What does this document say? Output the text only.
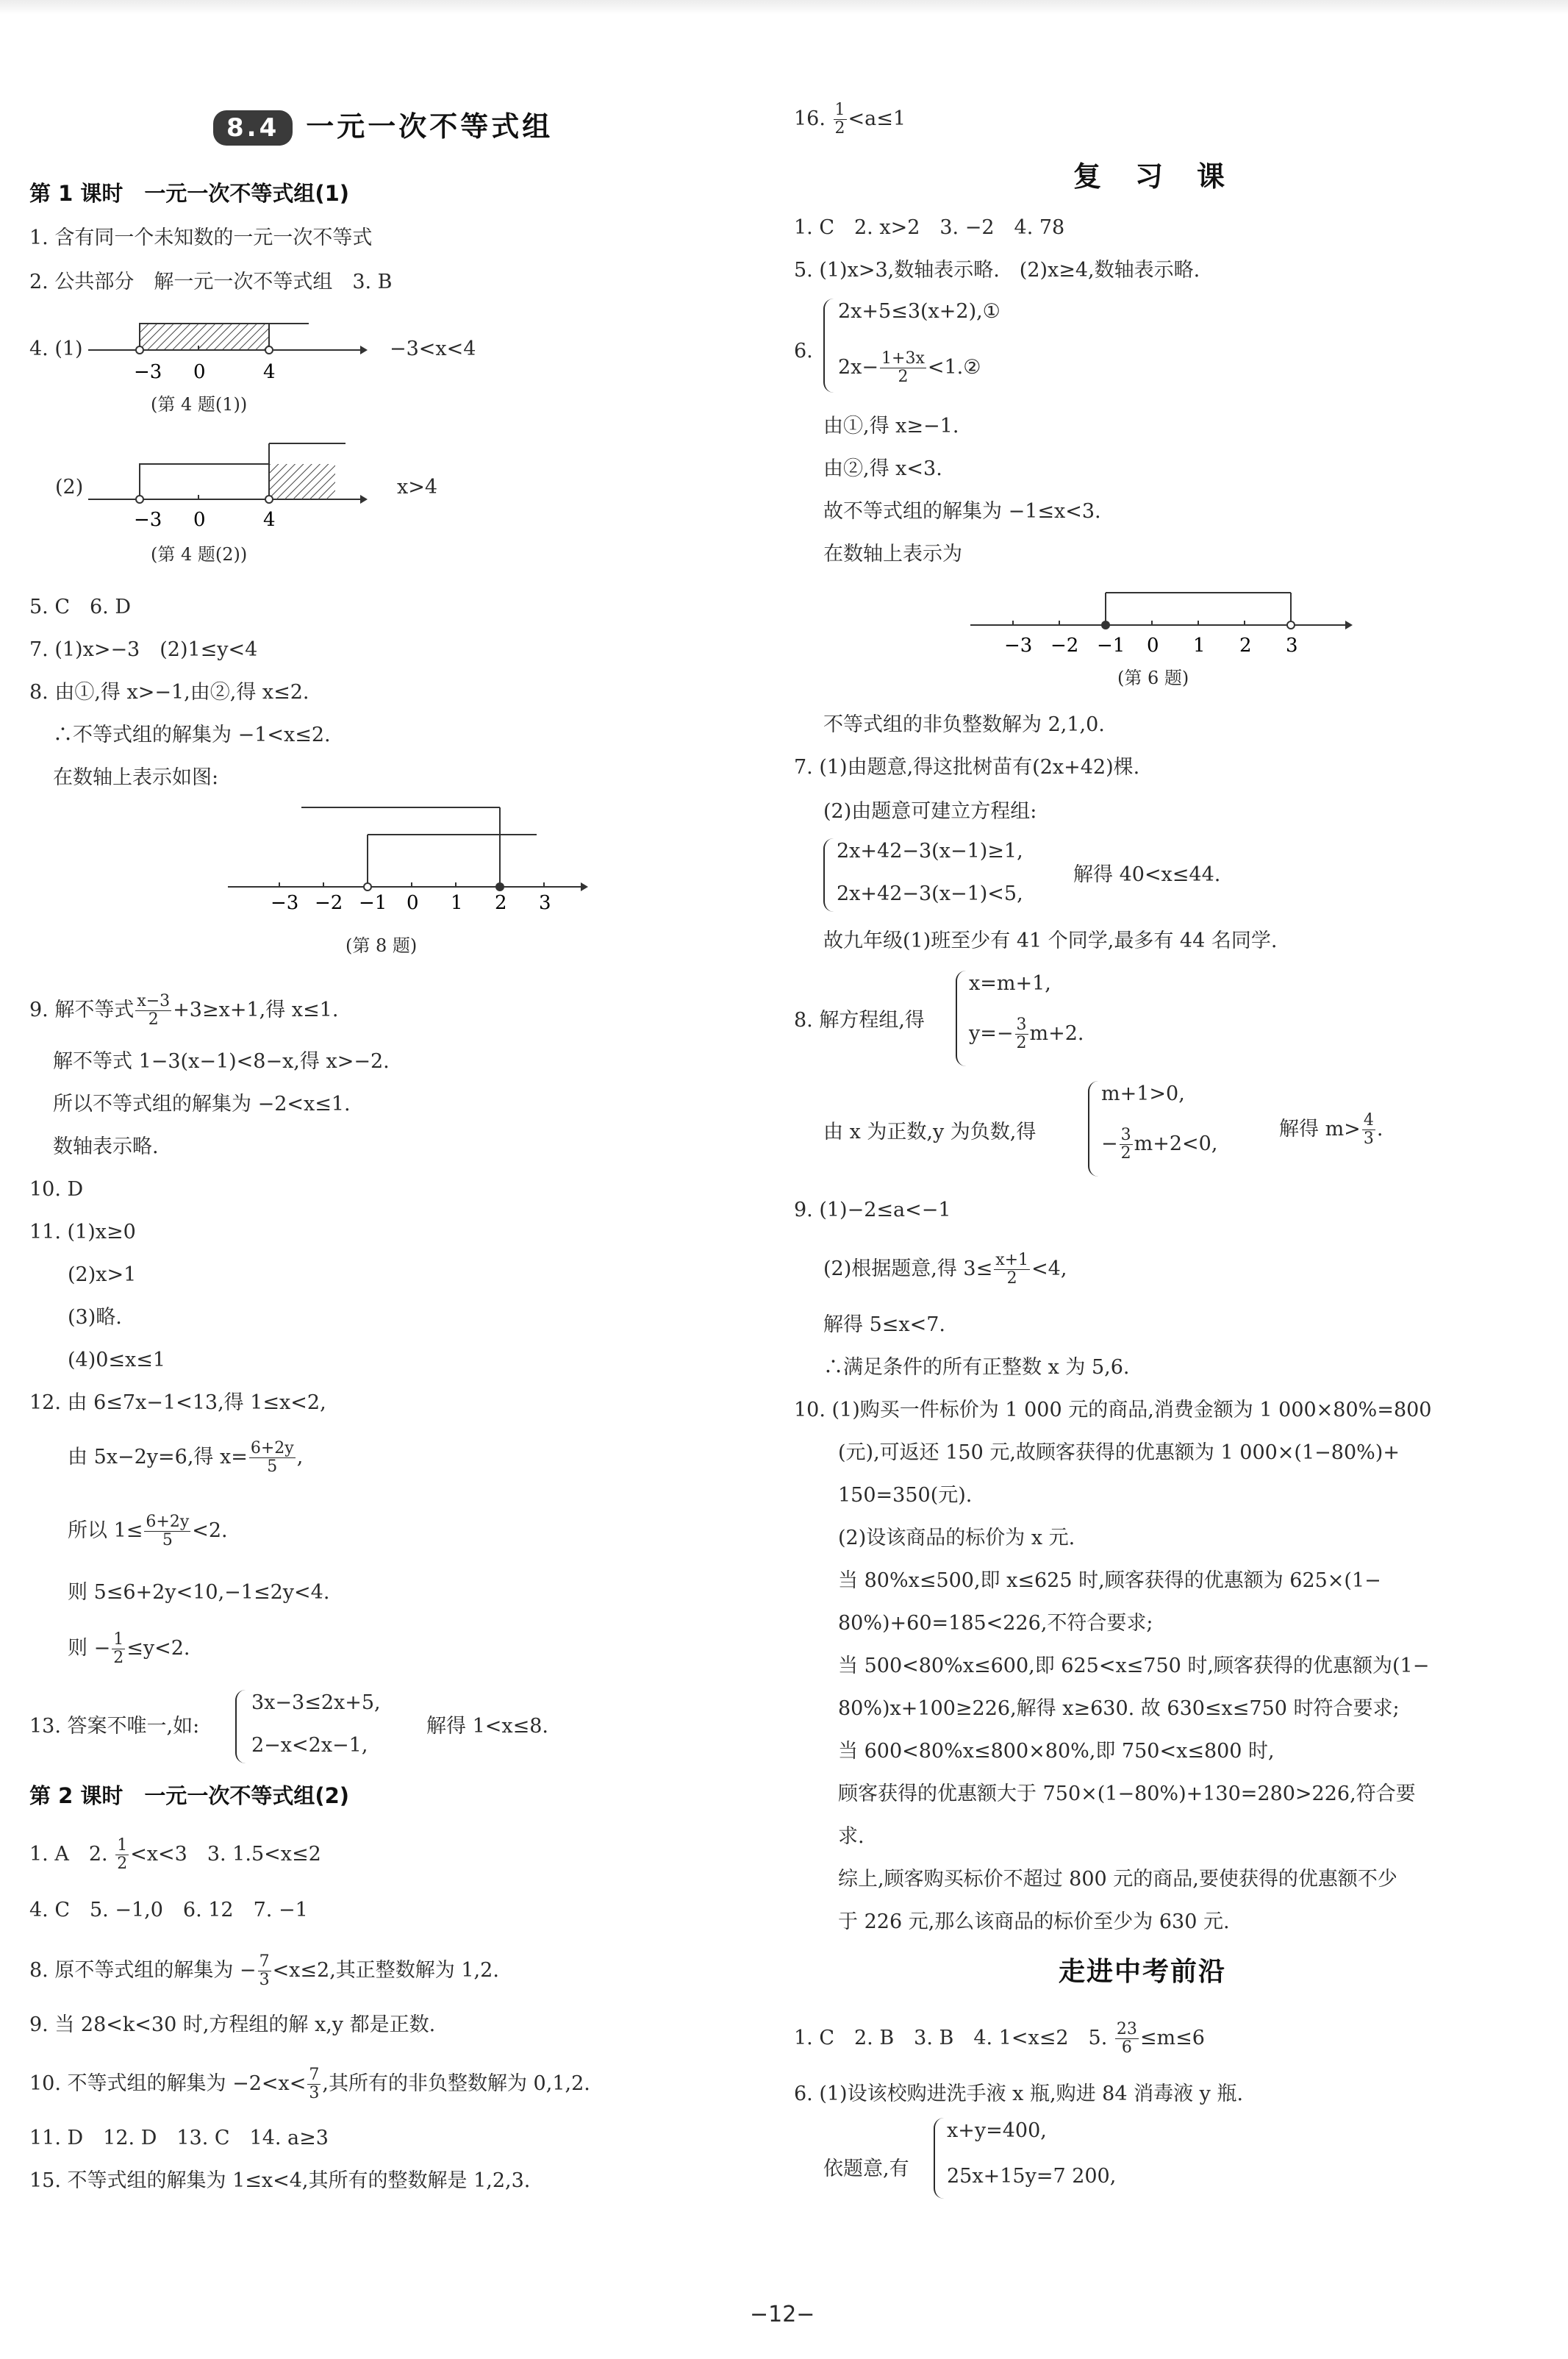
8.4 一元一次不等式组
第 1 课时　一元一次不等式组(1)
1. 含有同一个未知数的一元一次不等式
2. 公共部分　解一元一次不等式组　3. B
4. (1)
−3 0	4
−3<x<4
(第 4 题(1))
(2)
−3 0	4
x>4
(第 4 题(2))
5. C　6. D
7. (1)x>−3　(2)1≤y<4
8. 由①,得 x>−1,由②,得 x≤2.
∴不等式组的解集为 −1<x≤2.
在数轴上表示如图:
−3 −2 −1 0 1 2 3
(第 8 题)
9. 解不等式 $\frac{x-3}{2} +3\ge x+1$,得 x≤1.
解不等式 1−3(x−1)<8−x,得 x>−2.
所以不等式组的解集为 −2<x≤1.
数轴表示略.
10. D
11. (1)x≥0
(2)x>1
(3)略.
(4)0≤x≤1
12. 由 6≤7x−1<13,得 1≤x<2,
由 5x−2y=6,得 $x= \frac{6+2y}{5}$ ,
所以 $1\le \frac{6+2y}{5} <2$.
则 5≤6+2y<10,−1≤2y<4.
则 − $\frac{1}{2} \le y<2$.
13. 答案不唯一,如:
3x−3≤2x+5,
2−x<2x−1,
解得 1<x≤8.
第 2 课时　一元一次不等式组(2)
1. A　2. $\frac{1}{2} <x<3$　3. 1.5<x≤2
4. C　5. −1,0　6. 12　7. −1
8. 原不等式组的解集为 − $\frac{7}{3} <x\le 2$,其正整数解为 1,2.
9. 当 28<k<30 时,方程组的解 x,y 都是正数.
10. 不等式组的解集为 $-2<x< \frac{7}{3}$ ,其所有的非负整数解为 0,1,2.
11. D　12. D　13. C　14. a≥3
15. 不等式组的解集为 1≤x<4,其所有的整数解是 1,2,3.
16. $\frac{1}{2} <a\le 1$
复　习　课
1. C　2. x>2　3. −2　4. 78
5. (1)x>3,数轴表示略.　(2)x≥4,数轴表示略.
6.
2x+5≤3(x+2),①
$2x- \frac{1+3x}{2}$ <1.②
由①,得 x≥−1.
由②,得 x<3.
故不等式组的解集为 −1≤x<3.
在数轴上表示为
−3 −2 −1 0 1 2 3
(第 6 题)
不等式组的非负整数解为 2,1,0.
7. (1)由题意,得这批树苗有(2x+42)棵.
(2)由题意可建立方程组:
2x+42−3(x−1)≥1,
2x+42−3(x−1)<5,
解得 40<x≤44.
故九年级(1)班至少有 41 个同学,最多有 44 名同学.
8. 解方程组,得
x=m+1,
$y=- \frac{3}{2} m+2$.
由 x 为正数,y 为负数,得
m+1>0,
− $\frac{3}{2} m+2<0$,
解得 $m> \frac{4}{3}$ .
9. (1)−2≤a<−1
(2)根据题意,得 $3\le \frac{x+1}{2} <4$,
解得 5≤x<7.
∴满足条件的所有正整数 x 为 5,6.
10. (1)购买一件标价为 1 000 元的商品,消费金额为 1 000×80%=800
(元),可返还 150 元,故顾客获得的优惠额为 1 000×(1−80%)+
150=350(元).
(2)设该商品的标价为 x 元.
当 80%x≤500,即 x≤625 时,顾客获得的优惠额为 625×(1−
80%)+60=185<226,不符合要求;
当 500<80%x≤600,即 625<x≤750 时,顾客获得的优惠额为(1−
80%)x+100≥226,解得 x≥630. 故 630≤x≤750 时符合要求;
当 600<80%x≤800×80%,即 750<x≤800 时,
顾客获得的优惠额大于 750×(1−80%)+130=280>226,符合要
求.
综上,顾客购买标价不超过 800 元的商品,要使获得的优惠额不少
于 226 元,那么该商品的标价至少为 630 元.
走进中考前沿
1. C　2. B　3. B　4. 1<x≤2　5. $\frac{23}{6} \le m\le 6$
6. (1)设该校购进洗手液 x 瓶,购进 84 消毒液 y 瓶.
依题意,有
x+y=400,
25x+15y=7 200,
−12−
